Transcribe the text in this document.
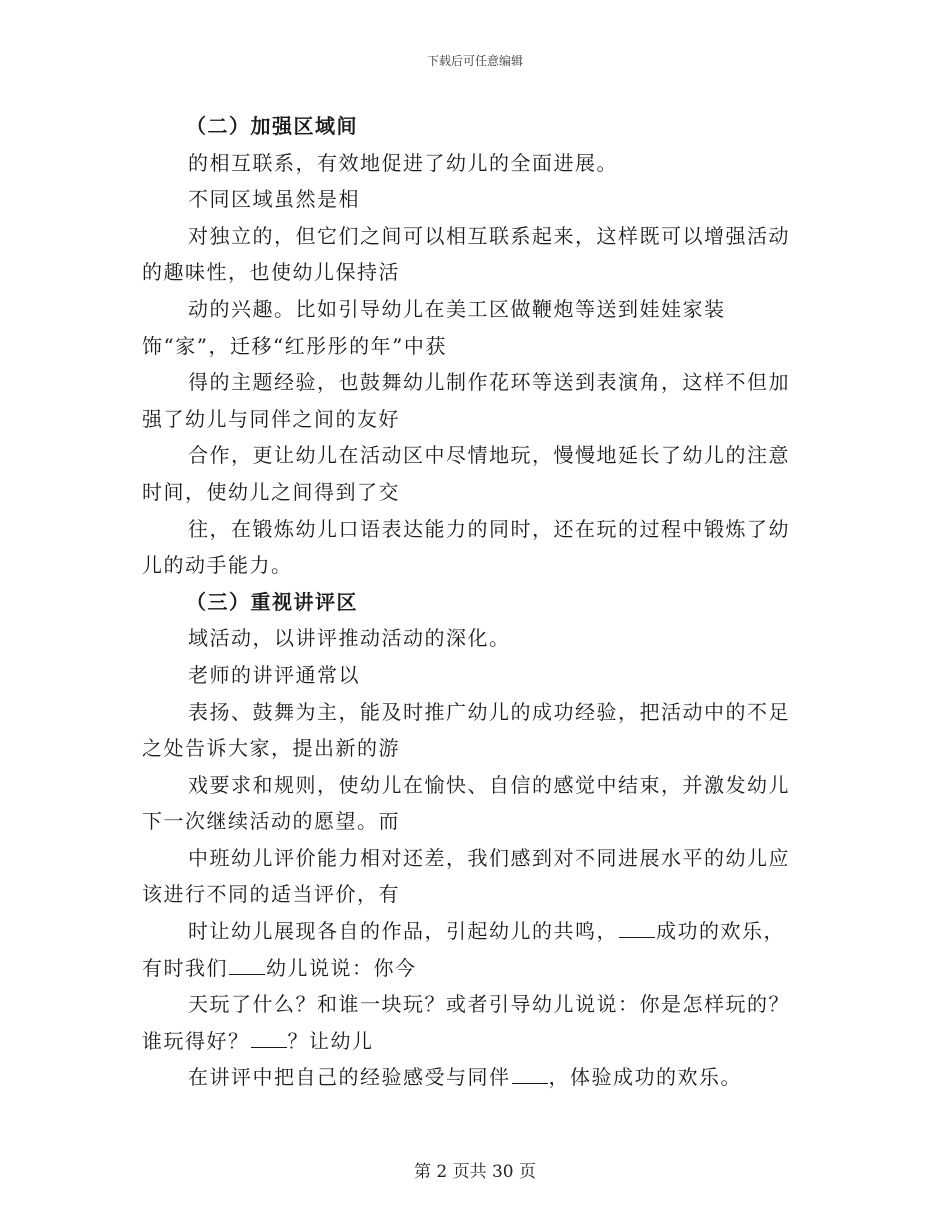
下载后可任意编辑

（二）加强区域间

的相互联系，有效地促进了幼儿的全面进展。

不同区域虽然是相

对独立的，但它们之间可以相互联系起来，这样既可以增强活动的趣味性，也使幼儿保持活

动的兴趣。比如引导幼儿在美工区做鞭炮等送到娃娃家装饰“家”，迁移“红彤彤的年”中获

得的主题经验，也鼓舞幼儿制作花环等送到表演角，这样不但加强了幼儿与同伴之间的友好

合作，更让幼儿在活动区中尽情地玩，慢慢地延长了幼儿的注意时间，使幼儿之间得到了交

往，在锻炼幼儿口语表达能力的同时，还在玩的过程中锻炼了幼儿的动手能力。

（三）重视讲评区

域活动，以讲评推动活动的深化。

老师的讲评通常以

表扬、鼓舞为主，能及时推广幼儿的成功经验，把活动中的不足之处告诉大家，提出新的游

戏要求和规则，使幼儿在愉快、自信的感觉中结束，并激发幼儿下一次继续活动的愿望。而

中班幼儿评价能力相对还差，我们感到对不同进展水平的幼儿应该进行不同的适当评价，有

时让幼儿展现各自的作品，引起幼儿的共鸣， 成功的欢乐，有时我们 幼儿说说：你今

天玩了什么？和谁一块玩？或者引导幼儿说说：你是怎样玩的？谁玩得好？ ？让幼儿

在讲评中把自己的经验感受与同伴 ，体验成功的欢乐。

第 2 页共 30 页
